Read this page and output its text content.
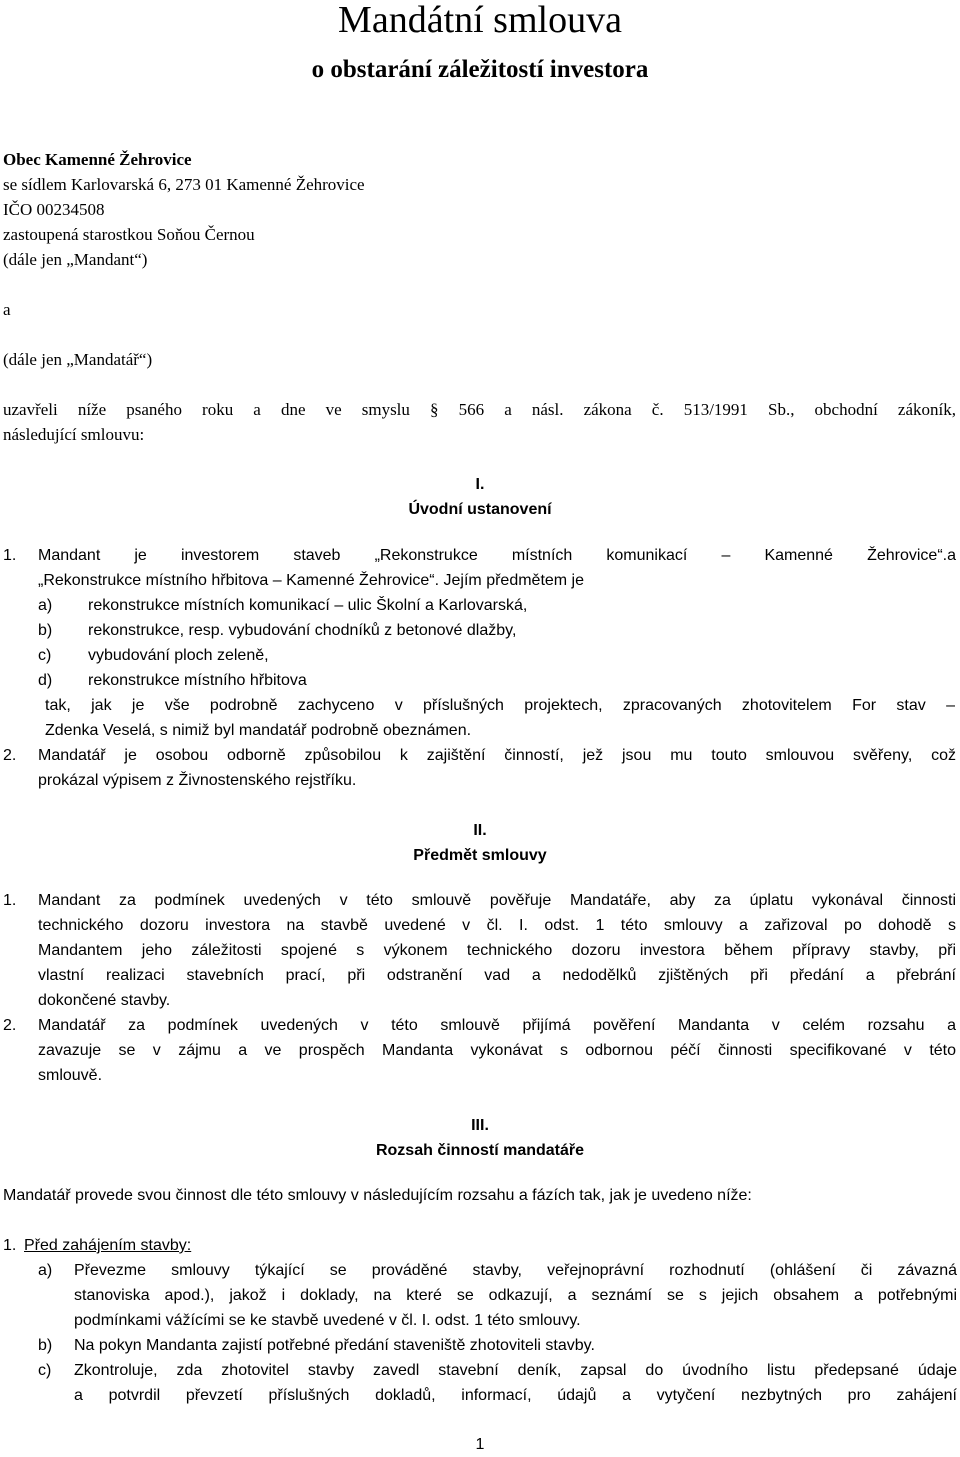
Mandátní smlouva
o obstarání záležitostí investora
Obec Kamenné Žehrovice
se sídlem Karlovarská 6, 273 01 Kamenné Žehrovice
IČO 00234508
zastoupená starostkou Soňou Černou
(dále jen „Mandant“)
a
(dále jen „Mandatář“)
uzavřeli níže psaného roku a dne ve smyslu § 566 a násl. zákona č. 513/1991 Sb., obchodní zákoník,
následující smlouvu:
I.
Úvodní ustanovení
1. Mandant je investorem staveb „Rekonstrukce místních komunikací – Kamenné Žehrovice“.a
„Rekonstrukce místního hřbitova – Kamenné Žehrovice“. Jejím předmětem je
a) rekonstrukce místních komunikací – ulic Školní a Karlovarská,
b) rekonstrukce, resp. vybudování chodníků z betonové dlažby,
c) vybudování ploch zeleně,
d) rekonstrukce místního hřbitova
tak, jak je vše podrobně zachyceno v příslušných projektech, zpracovaných zhotovitelem For stav –
Zdenka Veselá, s nimiž byl mandatář podrobně obeznámen.
2. Mandatář je osobou odborně způsobilou k zajištění činností, jež jsou mu touto smlouvou svěřeny, což
prokázal výpisem z Živnostenského rejstříku.
II.
Předmět smlouvy
1. Mandant za podmínek uvedených v této smlouvě pověřuje Mandatáře, aby za úplatu vykonával činnosti
technického dozoru investora na stavbě uvedené v čl. I. odst. 1 této smlouvy a zařizoval po dohodě s
Mandantem jeho záležitosti spojené s výkonem technického dozoru investora během přípravy stavby, při
vlastní realizaci stavebních prací, při odstranění vad a nedodělků zjištěných při předání a přebrání
dokončené stavby.
2. Mandatář za podmínek uvedených v této smlouvě přijímá pověření Mandanta v celém rozsahu a
zavazuje se v zájmu a ve prospěch Mandanta vykonávat s odbornou péčí činnosti specifikované v této
smlouvě.
III.
Rozsah činností mandatáře
Mandatář provede svou činnost dle této smlouvy v následujícím rozsahu a fázích tak, jak je uvedeno níže:
1. Před zahájením stavby:
a) Převezme smlouvy týkající se prováděné stavby, veřejnoprávní rozhodnutí (ohlášení či závazná
stanoviska apod.), jakož i doklady, na které se odkazují, a seznámí se s jejich obsahem a potřebnými
podmínkami vážícími se ke stavbě uvedené v čl. I. odst. 1 této smlouvy.
b) Na pokyn Mandanta zajistí potřebné předání staveniště zhotoviteli stavby.
c) Zkontroluje, zda zhotovitel stavby zavedl stavební deník, zapsal do úvodního listu předepsané údaje
a potvrdil převzetí příslušných dokladů, informací, údajů a vytyčení nezbytných pro zahájení
1
